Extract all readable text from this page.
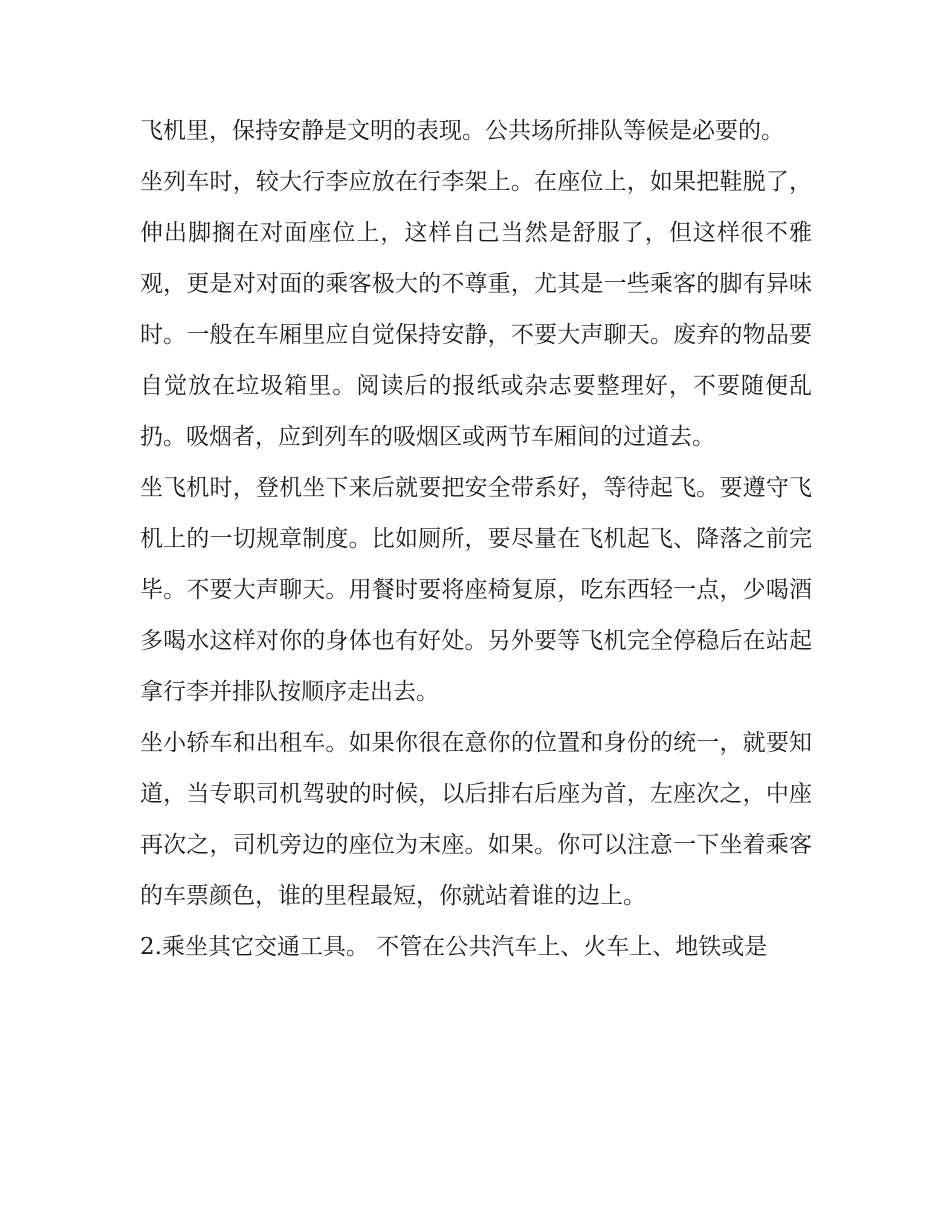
飞机里，保持安静是文明的表现。公共场所排队等候是必要的。

坐列车时，较大行李应放在行李架上。在座位上，如果把鞋脱了，伸出脚搁在对面座位上，这样自己当然是舒服了，但这样很不雅观，更是对对面的乘客极大的不尊重，尤其是一些乘客的脚有异味时。一般在车厢里应自觉保持安静，不要大声聊天。废弃的物品要自觉放在垃圾箱里。阅读后的报纸或杂志要整理好，不要随便乱扔。吸烟者，应到列车的吸烟区或两节车厢间的过道去。

坐飞机时，登机坐下来后就要把安全带系好，等待起飞。要遵守飞机上的一切规章制度。比如厕所，要尽量在飞机起飞、降落之前完毕。不要大声聊天。用餐时要将座椅复原，吃东西轻一点，少喝酒多喝水这样对你的身体也有好处。另外要等飞机完全停稳后在站起拿行李并排队按顺序走出去。

坐小轿车和出租车。如果你很在意你的位置和身份的统一，就要知道，当专职司机驾驶的时候，以后排右后座为首，左座次之，中座再次之，司机旁边的座位为末座。如果。你可以注意一下坐着乘客的车票颜色，谁的里程最短，你就站着谁的边上。

2.乘坐其它交通工具。 不管在公共汽车上、火车上、地铁或是
